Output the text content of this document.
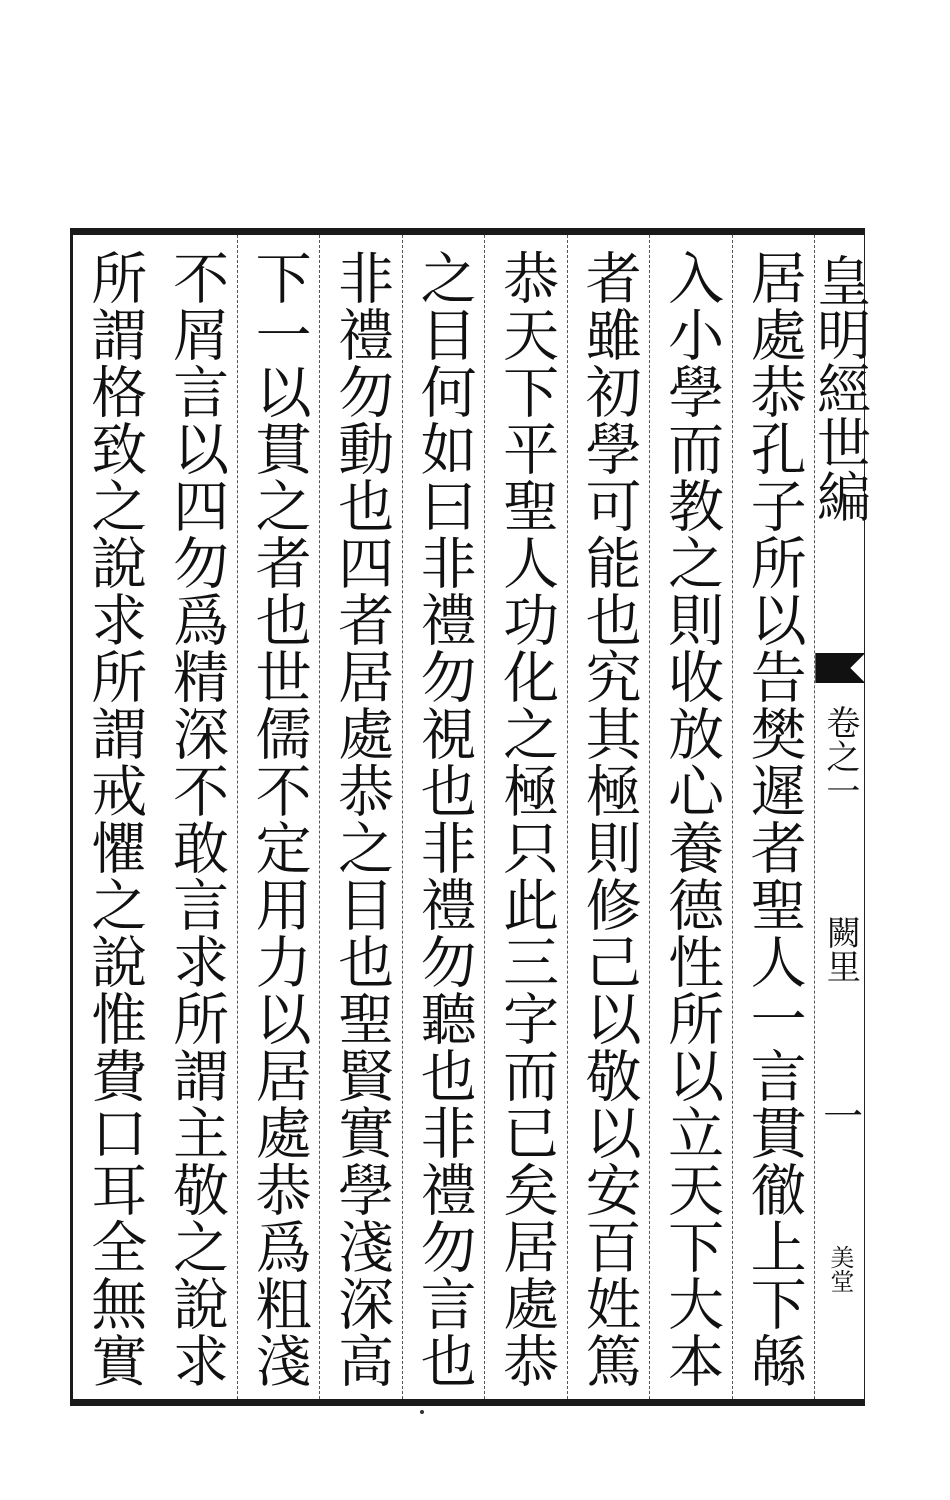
皇明經世編
卷之一
闕里
一
美堂
居處恭孔子所以告樊遲者聖人一言貫徹上下緜
入小學而教之則收放心養德性所以立天下大本
者雖初學可能也究其極則修己以敬以安百姓篤
恭天下平聖人功化之極只此三字而已矣居處恭
之目何如曰非禮勿視也非禮勿聽也非禮勿言也
非禮勿動也四者居處恭之目也聖賢實學淺深高
下一以貫之者也世儒不定用力以居處恭爲粗淺
不屑言以四勿爲精深不敢言求所謂主敬之說求
所謂格致之說求所謂戒懼之說惟費口耳全無實
